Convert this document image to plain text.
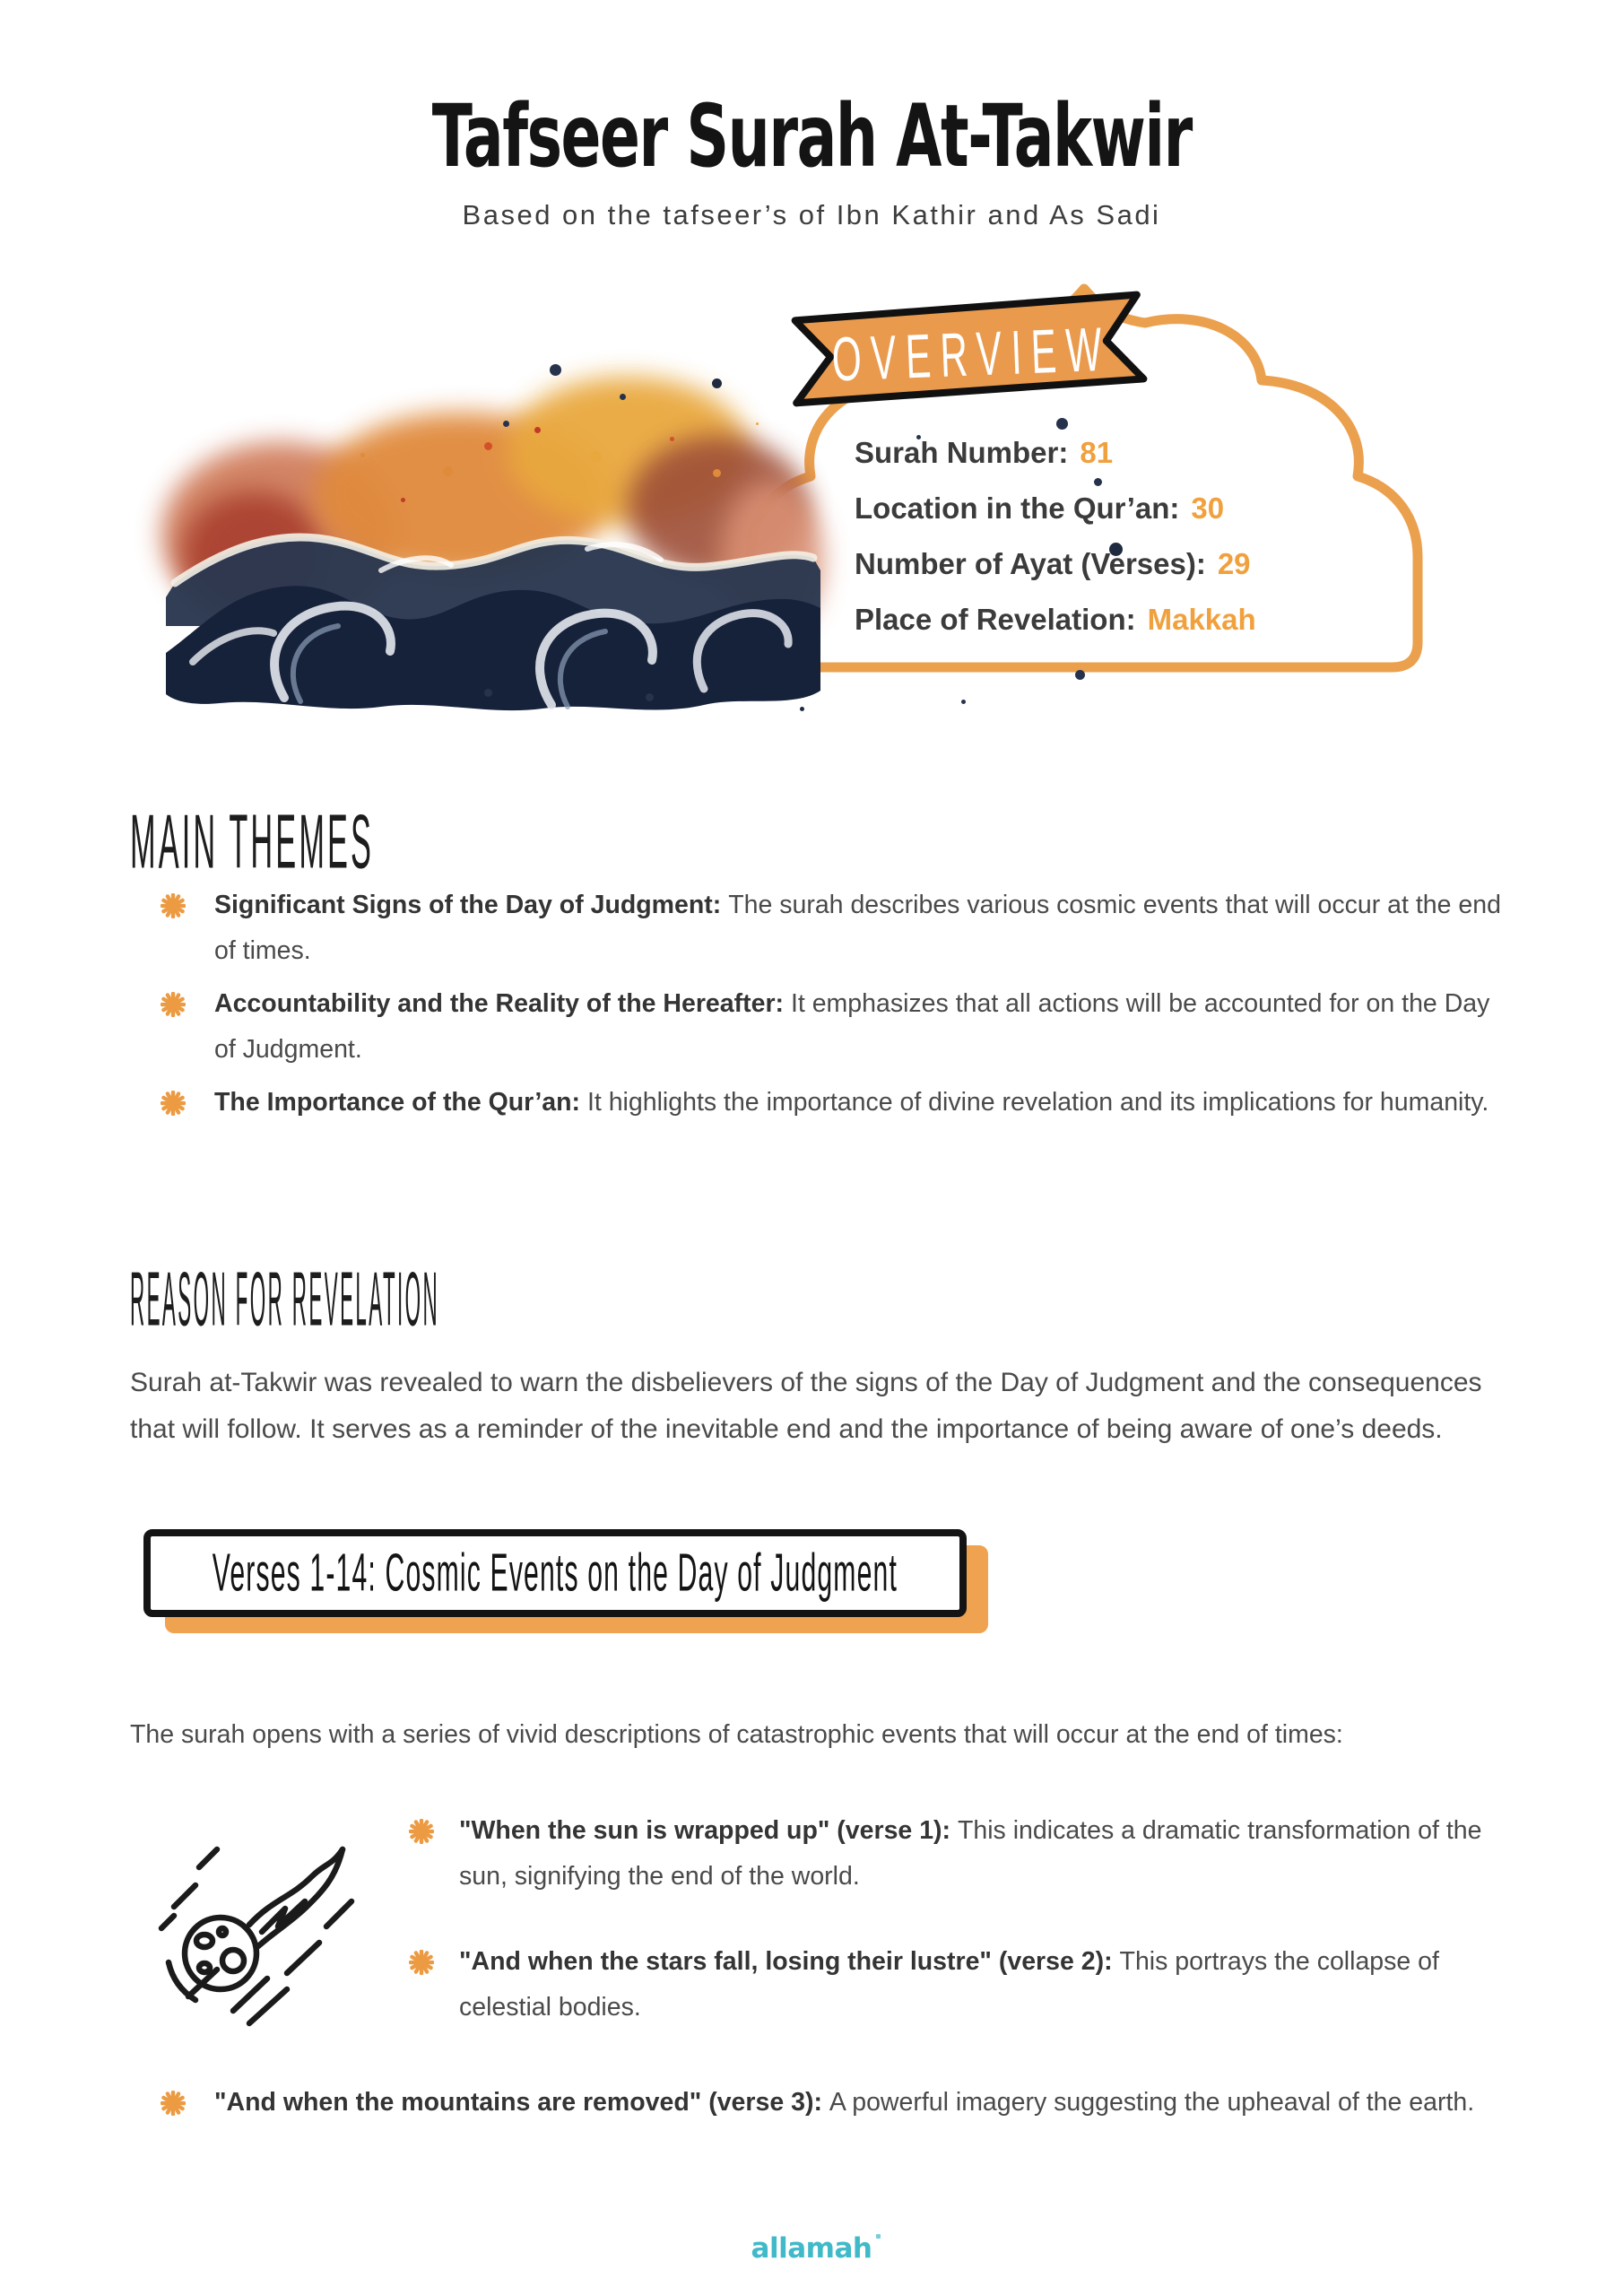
Tafseer Surah At-Takwir
Based on the tafseer’s of Ibn Kathir and As Sadi
OVERVIEW
Surah Number: 81
Location in the Qur’an: 30
Number of Ayat (Verses): 29
Place of Revelation: Makkah
MAIN THEMES

Significant Signs of the Day of Judgment: The surah describes various cosmic events that will occur at the end of times.

Accountability and the Reality of the Hereafter: It emphasizes that all actions will be accounted for on the Day of Judgment.

The Importance of the Qur’an: It highlights the importance of divine revelation and its implications for humanity.

REASON FOR REVELATION

Surah at-Takwir was revealed to warn the disbelievers of the signs of the Day of Judgment and the consequences that will follow. It serves as a reminder of the inevitable end and the importance of being aware of one’s deeds.

Verses 1-14: Cosmic Events on the Day of Judgment

The surah opens with a series of vivid descriptions of catastrophic events that will occur at the end of times:

"When the sun is wrapped up" (verse 1): This indicates a dramatic transformation of the sun, signifying the end of the world.

"And when the stars fall, losing their lustre" (verse 2): This portrays the collapse of celestial bodies.

"And when the mountains are removed" (verse 3): A powerful imagery suggesting the upheaval of the earth.

allamah
